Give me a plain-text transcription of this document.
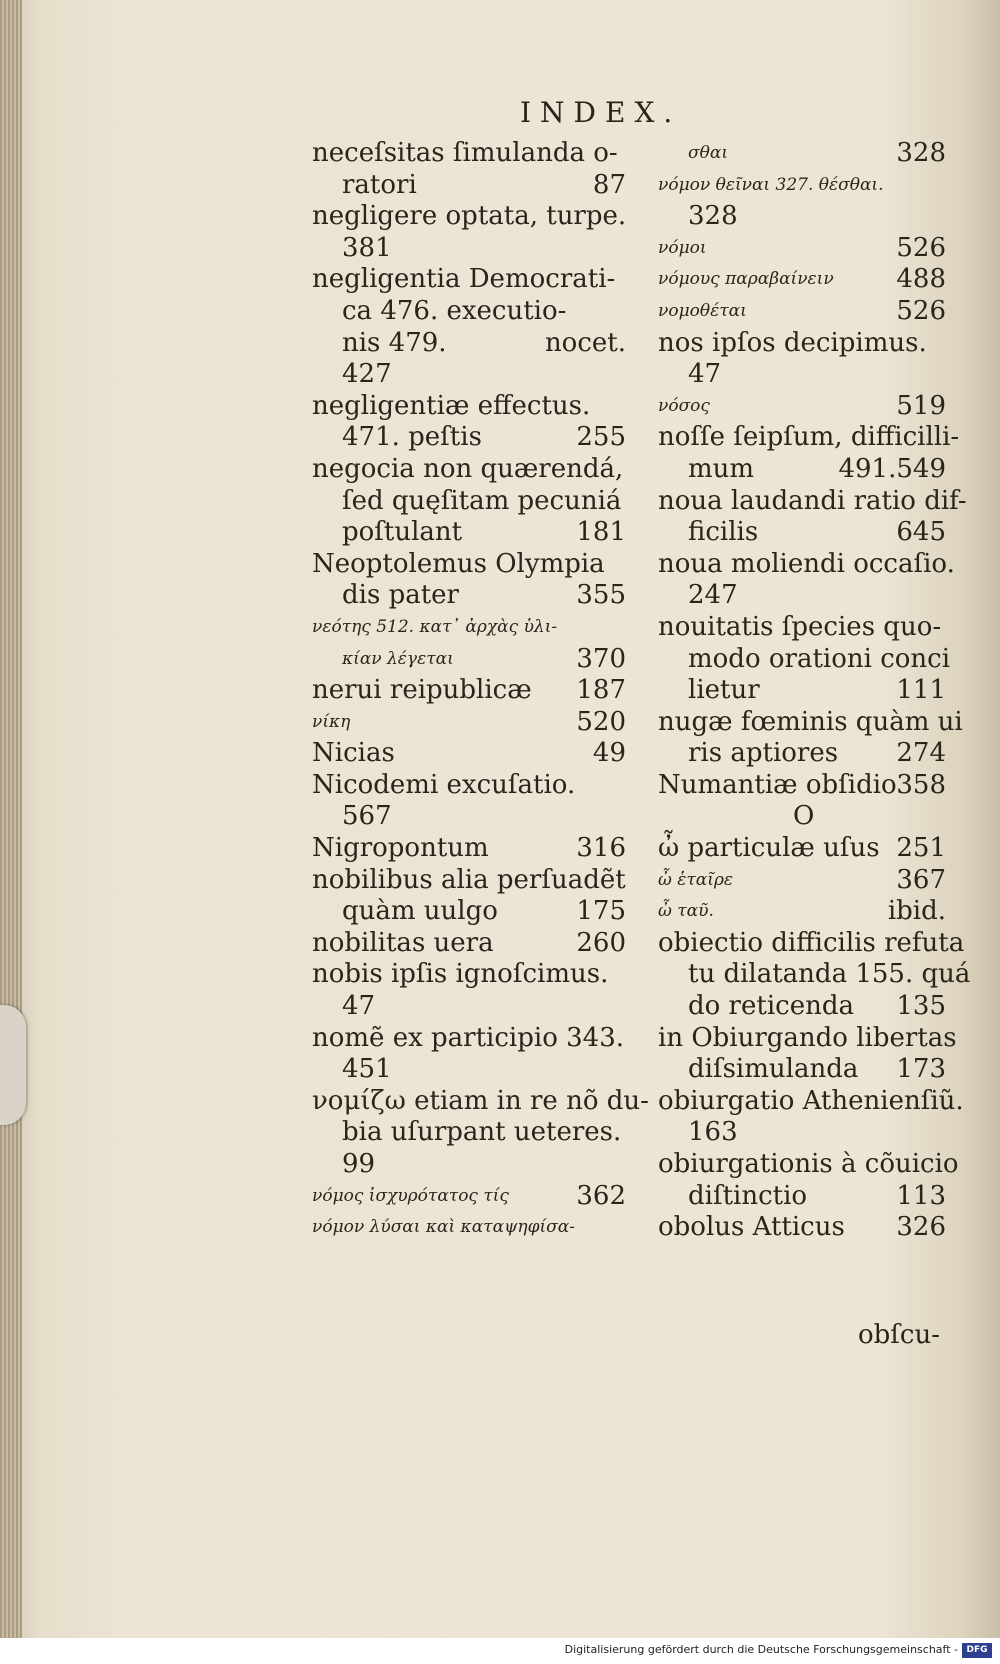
INDEX.
neceſsitas ſimulanda o-
ratori	87
negligere optata, turpe.
381
negligentia Democrati-
ca 476. executio-
nis 479.	nocet.
427
negligentiæ effectus.
471. peſtis	255
negocia non quærendá,
ſed quęſitam pecuniá
poſtulant	181
Neoptolemus Olympia
dis pater	355
νεότης 512. κατ᾽ ἀρχὰς ὑλι-
κίαν λέγεται	370
nerui reipublicæ 187
νίκη	520
Nicias	49
Nicodemi excuſatio.
567
Nigropontum	316
nobilibus alia perſuadẽt
quàm uulgo	175
nobilitas uera	260
nobis ipſis ignoſcimus.
47
nomẽ ex participio 343.
451
νομίζω etiam in re nõ du-
bia uſurpant ueteres.
99
νόμος ἰσχυρότατος τίς	362
νόμον λύσαι καὶ καταψηφίσα-
σθαι	328
νόμον θεῖναι 327. θέσθαι.
328
νόμοι	526
νόμους παραβαίνειν 488
νομοθέται	526
nos ipſos decipimus.
47
νόσος	519
noſſe ſeipſum, difficilli-
mum	491.549
noua laudandi ratio dif-
ficilis	645
noua moliendi occaſio.
247
nouitatis ſpecies quo-
modo orationi conci
lietur	111
nugæ fœminis quàm ui
ris aptiores 274
Numantiæ obſidio 358
O
ὦ particulæ uſus 251
ὦ ἑταῖρε	367
ὦ ταῦ.	ibid.
obiectio difficilis refuta
tu dilatanda 155. quá
do reticenda 135
in Obiurgando libertas
diſsimulanda 173
obiurgatio Athenienſiũ.
163
obiurgationis à cõuicio
diſtinctio	113
obolus Atticus 326
obſcu-
Digitalisierung gefördert durch die Deutsche Forschungsgemeinschaft - DFG
